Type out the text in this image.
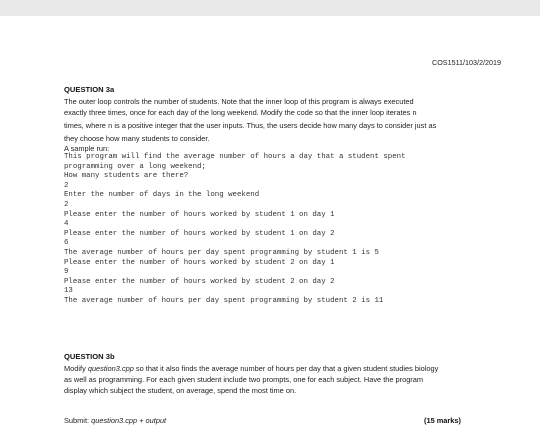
COS1511/103/2/2019
QUESTION 3a
The outer loop controls the number of students. Note that the inner loop of this program is always executed
exactly three times, once for each day of the long weekend. Modify the code so that the inner loop iterates n
times, where n is a positive integer that the user inputs. Thus, the users decide how many days to consider just as
they choose how many students to consider.
A sample run:
This program will find the average number of hours a day that a student spent
programming over a long weekend;
How many students are there?
2
Enter the number of days in the long weekend
2
Please enter the number of hours worked by student 1 on day 1
4
Please enter the number of hours worked by student 1 on day 2
6
The average number of hours per day spent programming by student 1 is 5
Please enter the number of hours worked by student 2 on day 1
9
Please enter the number of hours worked by student 2 on day 2
13
The average number of hours per day spent programming by student 2 is 11
QUESTION 3b
Modify question3.cpp so that it also finds the average number of hours per day that a given student studies biology
as well as programming. For each given student include two prompts, one for each subject. Have the program
display which subject the student, on average, spend the most time on.
Submit: question3.cpp + output	(15 marks)
